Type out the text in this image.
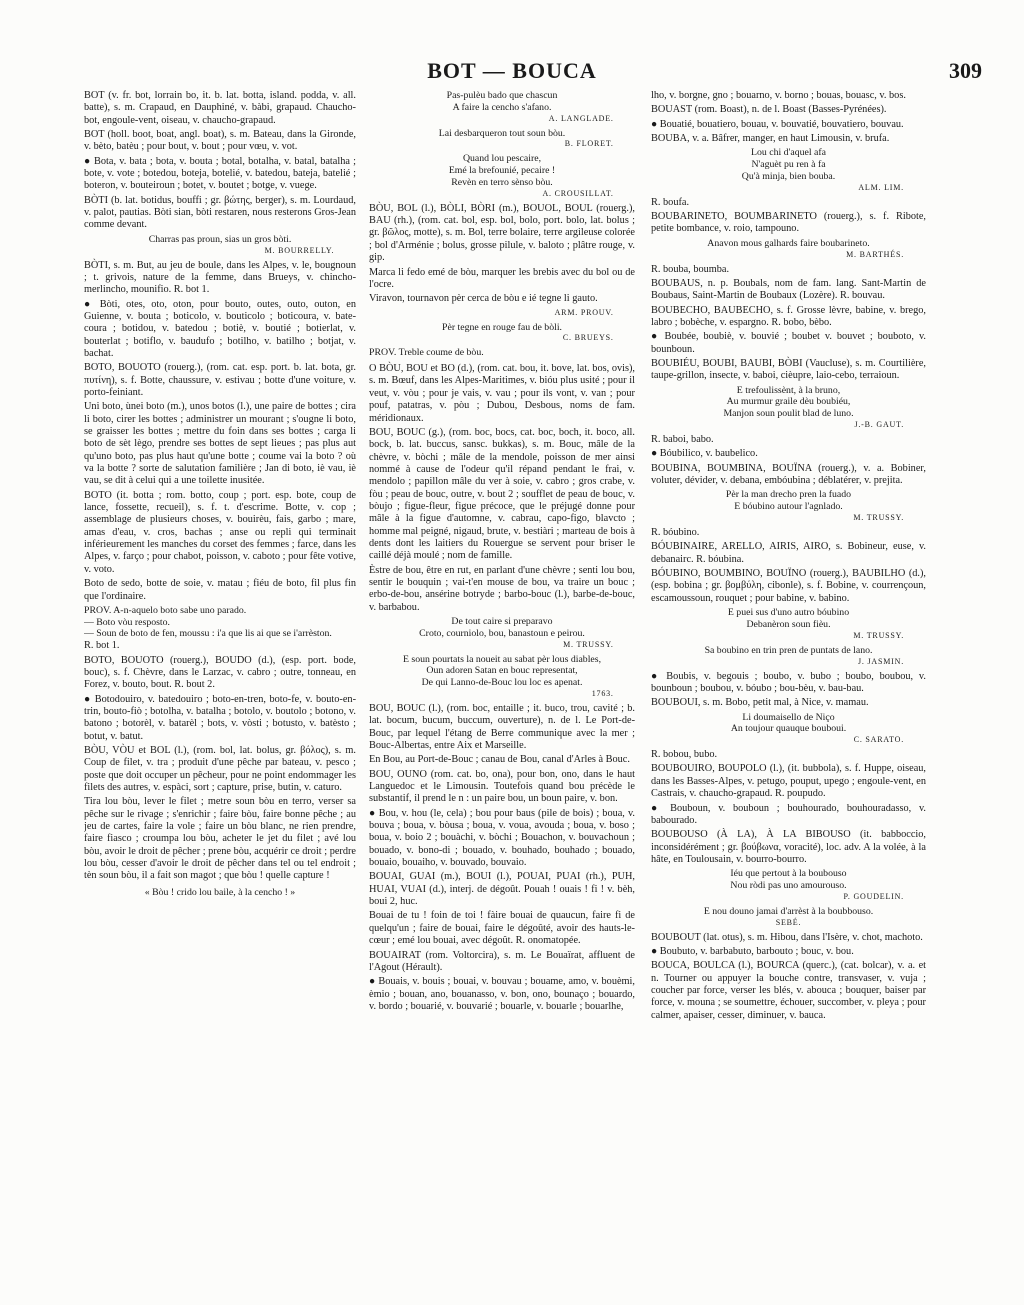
BOT — BOUCA	309

BOT (v. fr. bot, lorrain bo, it. b. lat. botta, island. podda, v. all. batte), s. m. Crapaud, en Dauphiné, v. bàbi, grapaud. Chaucho-bot, engoule-vent, oiseau, v. chaucho-grapaud.

BOT (holl. boot, boat, angl. boat), s. m. Bateau, dans la Gironde, v. bèto, batèu ; pour bout, v. bout ; pour vœu, v. vot.

● Bota, v. bata ; bota, v. bouta ; botal, botalha, v. batal, batalha ; bote, v. vote ; botedou, boteja, botelié, v. batedou, bateja, batelié ; boteron, v. bouteiroun ; botet, v. boutet ; botge, v. vuege.

BÒTI (b. lat. botidus, bouffi ; gr. βώτης, berger), s. m. Lourdaud, v. palot, pautias. Bòti sian, bòti restaren, nous resterons Gros-Jean comme devant.

Charras pas proun, sias un gros bòti.

M. BOURRELLY.

BÒTI, s. m. But, au jeu de boule, dans les Alpes, v. le, bougnoun ; t. grivois, nature de la femme, dans Brueys, v. chincho-merlincho, mounifio. R. bot 1.

● Bòti, otes, oto, oton, pour bouto, outes, outo, outon, en Guienne, v. bouta ; boticolo, v. bouticolo ; boticoura, v. bate-coura ; botidou, v. batedou ; botiè, v. boutié ; botierlat, v. bouterlat ; botiflo, v. baudufo ; botilho, v. batilho ; botjat, v. bachat.

BOTO, BOUOTO (rouerg.), (rom. cat. esp. port. b. lat. bota, gr. πυτίνη), s. f. Botte, chaussure, v. estivau ; botte d'une voiture, v. porto-feiniant.

Uni boto, ùnei boto (m.), unos botos (l.), une paire de bottes ; cira li boto, cirer les bottes ; administrer un mourant ; s'ougne li boto, se graisser les bottes ; mettre du foin dans ses bottes ; carga li boto de sèt lègo, prendre ses bottes de sept lieues ; pas plus aut qu'uno boto, pas plus haut qu'une botte ; coume vai la boto ? où va la botte ? sorte de salutation familière ; Jan di boto, iè vau, iè vau, se dit à celui qui a une toilette inusitée.

BOTO (it. botta ; rom. botto, coup ; port. esp. bote, coup de lance, fossette, recueil), s. f. t. d'escrime. Botte, v. cop ; assemblage de plusieurs choses, v. bouirèu, fais, garbo ; mare, amas d'eau, v. cros, bachas ; anse ou repli qui terminait inférieurement les manches du corset des femmes ; farce, dans les Alpes, v. farço ; pour chabot, poisson, v. caboto ; pour fête votive, v. voto.

Boto de sedo, botte de soie, v. matau ; fiéu de boto, fil plus fin que l'ordinaire.

PROV. A-n-aquelo boto sabe uno parado.

— Boto vòu resposto.

— Soun de boto de fen, moussu : i'a que lis ai que se i'arrèston.

R. bot 1.

BOTO, BOUOTO (rouerg.), BOUDO (d.), (esp. port. bode, bouc), s. f. Chèvre, dans le Larzac, v. cabro ; outre, tonneau, en Forez, v. bouto, bout. R. bout 2.

● Botodouiro, v. batedouiro ; boto-en-tren, boto-fe, v. bouto-en-trin, bouto-fiò ; botolha, v. batalha ; botolo, v. boutolo ; botono, v. batono ; botorèl, v. batarèl ; bots, v. vòsti ; botusto, v. batèsto ; botut, v. batut.

BÒU, VÒU et BOL (l.), (rom. bol, lat. bolus, gr. βόλος), s. m. Coup de filet, v. tra ; produit d'une pêche par bateau, v. pesco ; poste que doit occuper un pêcheur, pour ne point endommager les filets des autres, v. espàci, sort ; capture, prise, butin, v. caturo.

Tira lou bòu, lever le filet ; metre soun bòu en terro, verser sa pêche sur le rivage ; s'enrichir ; faire bòu, faire bonne pêche ; au jeu de cartes, faire la vole ; faire un bòu blanc, ne rien prendre, faire fiasco ; croumpa lou bòu, acheter le jet du filet ; avé lou bòu, avoir le droit de pêcher ; prene bòu, acquérir ce droit ; perdre lou bòu, cesser d'avoir le droit de pêcher dans tel ou tel endroit ; tèn soun bòu, il a fait son magot ; que bòu ! quelle capture !

« Bòu ! crido lou baile, à la cencho ! »

Pas-pulèu bado que chascun

A faire la cencho s'afano.

A. LANGLADE.

Lai desbarqueron tout soun bòu.

B. FLORET.

Quand lou pescaire,

Emé la brefounié, pecaire !

Revèn en terro sènso bòu.

A. CROUSILLAT.

BÒU, BOL (l.), BÒLI, BÒRI (m.), BOUOL, BOUL (rouerg.), BAU (rh.), (rom. cat. bol, esp. bol, bolo, port. bolo, lat. bolus ; gr. βῶλος, motte), s. m. Bol, terre bolaire, terre argileuse colorée ; bol d'Arménie ; bolus, grosse pilule, v. baloto ; plâtre rouge, v. gip.

Marca li fedo emé de bòu, marquer les brebis avec du bol ou de l'ocre.

Viravon, tournavon pèr cerca de bòu e ié tegne li gauto.

ARM. PROUV.

Pèr tegne en rouge fau de bòli.

C. BRUEYS.

PROV. Treble coume de bòu.

O BÒU, BOU et BO (d.), (rom. cat. bou, it. bove, lat. bos, ovis), s. m. Bœuf, dans les Alpes-Maritimes, v. bióu plus usité ; pour il veut, v. vòu ; pour je vais, v. vau ; pour ils vont, v. van ; pour pouf, patatras, v. pòu ; Dubou, Desbous, noms de fam. méridionaux.

BOU, BOUC (g.), (rom. boc, bocs, cat. boc, boch, it. boco, all. bock, b. lat. buccus, sansc. bukkas), s. m. Bouc, mâle de la chèvre, v. bòchi ; mâle de la mendole, poisson de mer ainsi nommé à cause de l'odeur qu'il répand pendant le frai, v. mendolo ; papillon mâle du ver à soie, v. cabro ; gros crabe, v. fòu ; peau de bouc, outre, v. bout 2 ; soufflet de peau de bouc, v. bòujo ; figue-fleur, figue précoce, que le préjugé donne pour mâle à la figue d'automne, v. cabrau, capo-figo, blavcto ; homme mal peigné, nigaud, brute, v. bestiàri ; marteau de bois à dents dont les laitiers du Rouergue se servent pour briser le caillé déjà moulé ; nom de famille.

Èstre de bou, être en rut, en parlant d'une chèvre ; senti lou bou, sentir le bouquin ; vai-t'en mouse de bou, va traire un bouc ; erbo-de-bou, ansérine botryde ; barbo-bouc (l.), barbe-de-bouc, v. barbabou.

De tout caire si preparavo

Croto, courniolo, bou, banastoun e peirou.

M. TRUSSY.

E soun pourtats la noueit au sabat pèr lous diables,

Oun adoren Satan en bouc representat,

De qui Lanno-de-Bouc lou loc es apenat.

1763.

BOU, BOUC (l.), (rom. boc, entaille ; it. buco, trou, cavité ; b. lat. bocum, bucum, buccum, ouverture), n. de l. Le Port-de-Bouc, par lequel l'étang de Berre communique avec la mer ; Bouc-Albertas, entre Aix et Marseille.

En Bou, au Port-de-Bouc ; canau de Bou, canal d'Arles à Bouc.

BOU, OUNO (rom. cat. bo, ona), pour bon, ono, dans le haut Languedoc et le Limousin. Toutefois quand bou précède le substantif, il prend le n : un paire bou, un boun paire, v. bon.

● Bou, v. hou (le, cela) ; bou pour baus (pile de bois) ; boua, v. bouva ; boua, v. bòusa ; boua, v. voua, avouda ; boua, v. boso ; boua, v. boio 2 ; bouàchi, v. bòchi ; Bouachon, v. bouvachoun ; bouado, v. bono-di ; bouado, v. bouhado, bouhado ; bouado, bouaio, bouaiho, v. bouvado, bouvaio.

BOUAI, GUAI (m.), BOUI (l.), POUAI, PUAI (rh.), PUH, HUAI, VUAI (d.), interj. de dégoût. Pouah ! ouais ! fi ! v. bèh, boui 2, huc.

Bouai de tu ! foin de toi ! fàire bouai de quaucun, faire fi de quelqu'un ; faire de bouai, faire le dégoûté, avoir des hauts-le-cœur ; emé lou bouai, avec dégoût. R. onomatopée.

BOUAIRAT (rom. Voltorcira), s. m. Le Bouaïrat, affluent de l'Agout (Hérault).

● Bouais, v. bouis ; bouai, v. bouvau ; bouame, amo, v. bouèmi, èmio ; bouan, ano, bouanasso, v. bon, ono, bounaço ; bouardo, v. bordo ; bouarié, v. bouvarié ; bouarle, v. bouarle ; bouarlhe,

lho, v. borgne, gno ; bouarno, v. borno ; bouas, bouasc, v. bos.

BOUAST (rom. Boast), n. de l. Boast (Basses-Pyrénées).

● Bouatié, bouatiero, bouau, v. bouvatié, bouvatiero, bouvau.

BOUBA, v. a. Bâfrer, manger, en haut Limousin, v. brufa.

Lou chi d'aquel afa

N'aguèt pu ren à fa

Qu'à minja, bien bouba.

ALM. LIM.

R. boufa.

BOUBARINETO, BOUMBARINETO (rouerg.), s. f. Ribote, petite bombance, v. roio, tampouno.

Anavon mous galhards faire boubarineto.

M. BARTHÉS.

R. bouba, boumba.

BOUBAUS, n. p. Boubals, nom de fam. lang. Sant-Martin de Boubaus, Saint-Martin de Boubaux (Lozère). R. bouvau.

BOUBECHO, BAUBECHO, s. f. Grosse lèvre, babine, v. brego, labro ; bobèche, v. espargno. R. bobo, bèbo.

● Boubée, boubiè, v. bouvié ; boubet v. bouvet ; bouboto, v. bounboun.

BOUBIÉU, BOUBI, BAUBI, BÒBI (Vaucluse), s. m. Courtilière, taupe-grillon, insecte, v. baboi, cièupre, laio-cebo, terraioun.

E trefoulissènt, à la bruno,

Au murmur graile dèu boubiéu,

Manjon soun poulit blad de luno.

J.-B. GAUT.

R. baboi, babo.

● Bóubilico, v. baubelico.

BOUBINA, BOUMBINA, BOUÏNA (rouerg.), v. a. Bobiner, voluter, dévider, v. debana, embóubina ; déblatérer, v. prejita.

Pèr la man drecho pren la fuado

E bóubino autour l'agnlado.

M. TRUSSY.

R. bóubino.

BÓUBINAIRE, ARELLO, AIRIS, AIRO, s. Bobineur, euse, v. debanairc. R. bóubina.

BÓUBINO, BOUMBINO, BOUÏNO (rouerg.), BAUBILHO (d.), (esp. bobina ; gr. βομβύλη, cibonle), s. f. Bobine, v. courrençoun, escamoussoun, rouquet ; pour babine, v. babino.

E puei sus d'uno autro bóubino

Debanèron soun fièu.

M. TRUSSY.

Sa boubino en trin pren de puntats de lano.

J. JASMIN.

● Boubis, v. begouis ; boubo, v. bubo ; boubo, boubou, v. bounboun ; boubou, v. bóubo ; bou-bèu, v. bau-bau.

BOUBOUI, s. m. Bobo, petit mal, à Nice, v. mamau.

Li doumaisello de Niço

An toujour quauque bouboui.

C. SARATO.

R. bobou, bubo.

BOUBOUIRO, BOUPOLO (l.), (it. bubbola), s. f. Huppe, oiseau, dans les Basses-Alpes, v. petugo, pouput, upego ; engoule-vent, en Castrais, v. chaucho-grapaud. R. poupudo.

● Bouboun, v. bouboun ; bouhourado, bouhouradasso, v. babourado.

BOUBOUSO (À LA), À LA BIBOUSO (it. babboccio, inconsidérément ; gr. βούβωνα, voracité), loc. adv. A la volée, à la hâte, en Toulousain, v. bourro-bourro.

Iéu que pertout à la boubouso

Nou ròdi pas uno amourouso.

P. GOUDELIN.

E nou douno jamai d'arrèst à la boubbouso.

SEBÉ.

BOUBOUT (lat. otus), s. m. Hibou, dans l'Isère, v. chot, machoto.

● Boubuto, v. barbabuto, barbouto ; bouc, v. bou.

BOUCA, BOULCA (l.), BOURCA (querc.), (cat. bolcar), v. a. et n. Tourner ou appuyer la bouche contre, transvaser, v. vuja ; coucher par force, verser les blés, v. abouca ; bouquer, baiser par force, v. mouna ; se soumettre, échouer, succomber, v. pleya ; pour calmer, apaiser, cesser, diminuer, v. bauca.
